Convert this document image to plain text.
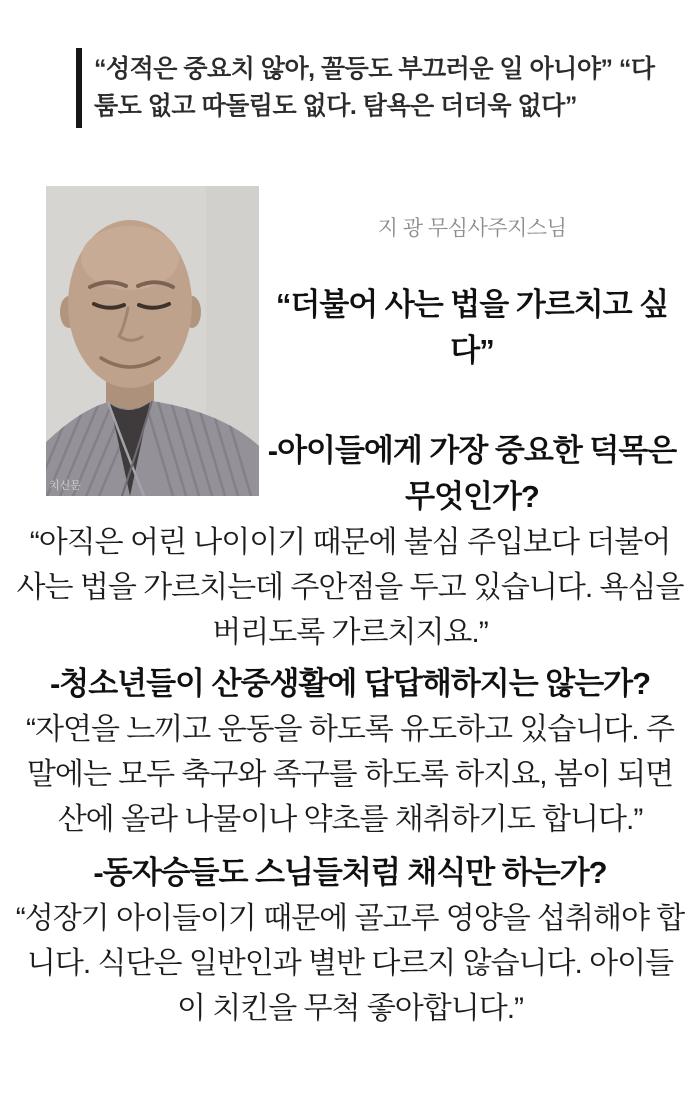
“성적은 중요치 않아, 꼴등도 부끄러운 일 아니야” “다툼도 없고 따돌림도 없다. 탐욕은 더더욱 없다”

치신문
지 광 무심사주지스님
“더불어 사는 법을 가르치고 싶다”

-아이들에게 가장 중요한 덕목은 무엇인가?

“아직은 어린 나이이기 때문에 불심 주입보다 더불어 사는 법을 가르치는데 주안점을 두고 있습니다. 욕심을 버리도록 가르치지요.”

-청소년들이 산중생활에 답답해하지는 않는가?

“자연을 느끼고 운동을 하도록 유도하고 있습니다. 주말에는 모두 축구와 족구를 하도록 하지요, 봄이 되면 산에 올라 나물이나 약초를 채취하기도 합니다.”

-동자승들도 스님들처럼 채식만 하는가?

“성장기 아이들이기 때문에 골고루 영양을 섭취해야 합니다. 식단은 일반인과 별반 다르지 않습니다. 아이들이 치킨을 무척 좋아합니다.”
